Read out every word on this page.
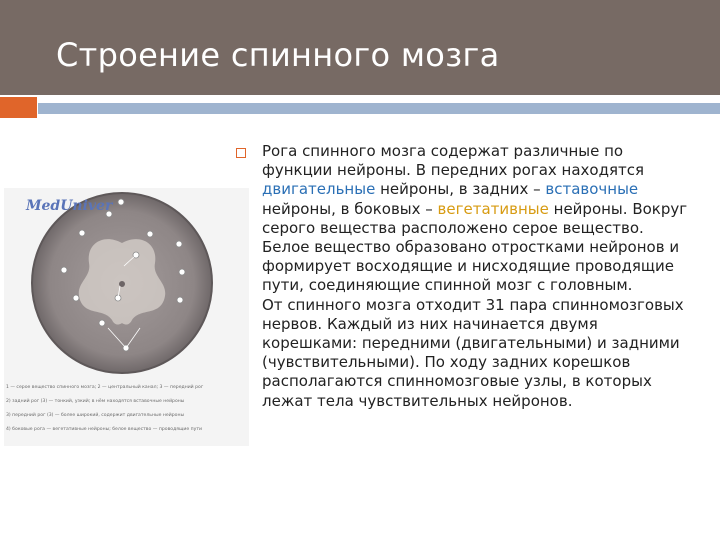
Строение спинного мозга
MedUniver
1 — серое вещество спинного мозга; 2 — центральный канал; 3 — передний рог
2) задний рог (3) — тонкий, узкий; в нём находятся вставочные нейроны
3) передний рог (3) — более широкий, содержит двигательные нейроны
4) боковые рога — вегетативные нейроны; белое вещество — проводящие пути
Рога спинного мозга содержат различные по функции нейроны. В передних рогах находятся двигательные нейроны, в задних – вставочные нейроны, в боковых – вегетативные нейроны. Вокруг серого вещества расположено серое вещество. Белое вещество образовано отростками нейронов и формирует восходящие и нисходящие проводящие пути, соединяющие спинной мозг с головным.
От спинного мозга отходит 31 пара спинномозговых нервов. Каждый из них начинается двумя корешками: передними (двигательными) и задними (чувствительными). По ходу задних корешков располагаются спинномозговые узлы, в которых лежат тела чувствительных нейронов.
